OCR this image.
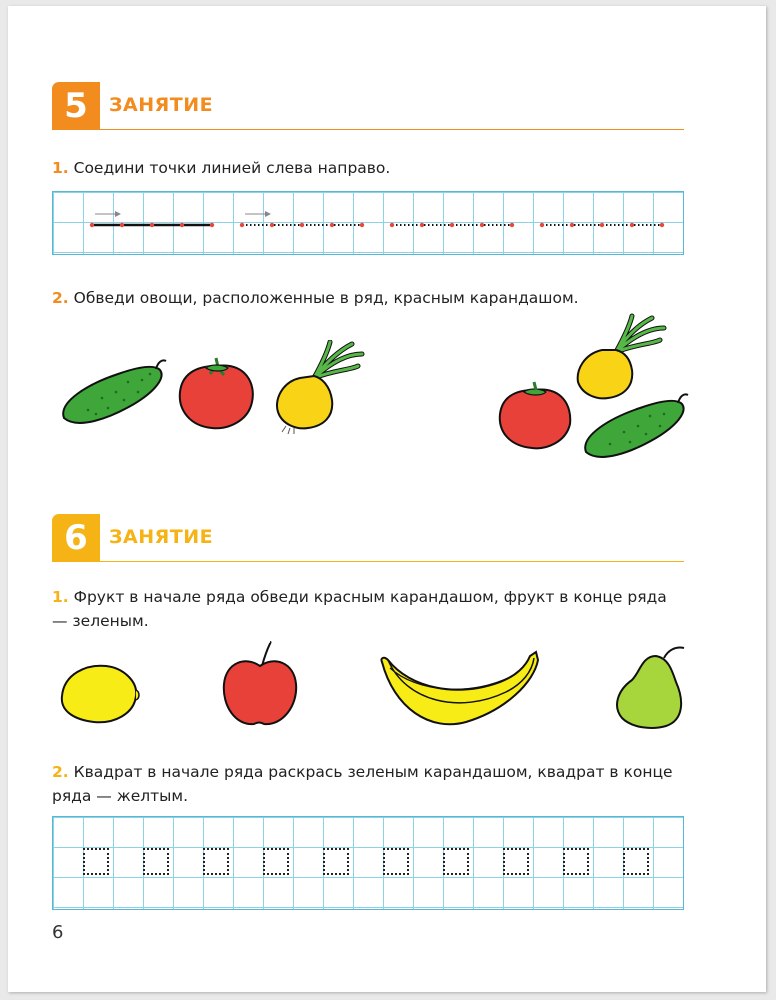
5	ЗАНЯТИЕ
1. Соедини точки линией слева направо.
2. Обведи овощи, расположенные в ряд, красным карандашом.
6	ЗАНЯТИЕ
1. Фрукт в начале ряда обведи красным карандашом, фрукт в конце ряда — зеленым.
2. Квадрат в начале ряда раскрась зеленым карандашом, квадрат в конце ряда — желтым.
6
